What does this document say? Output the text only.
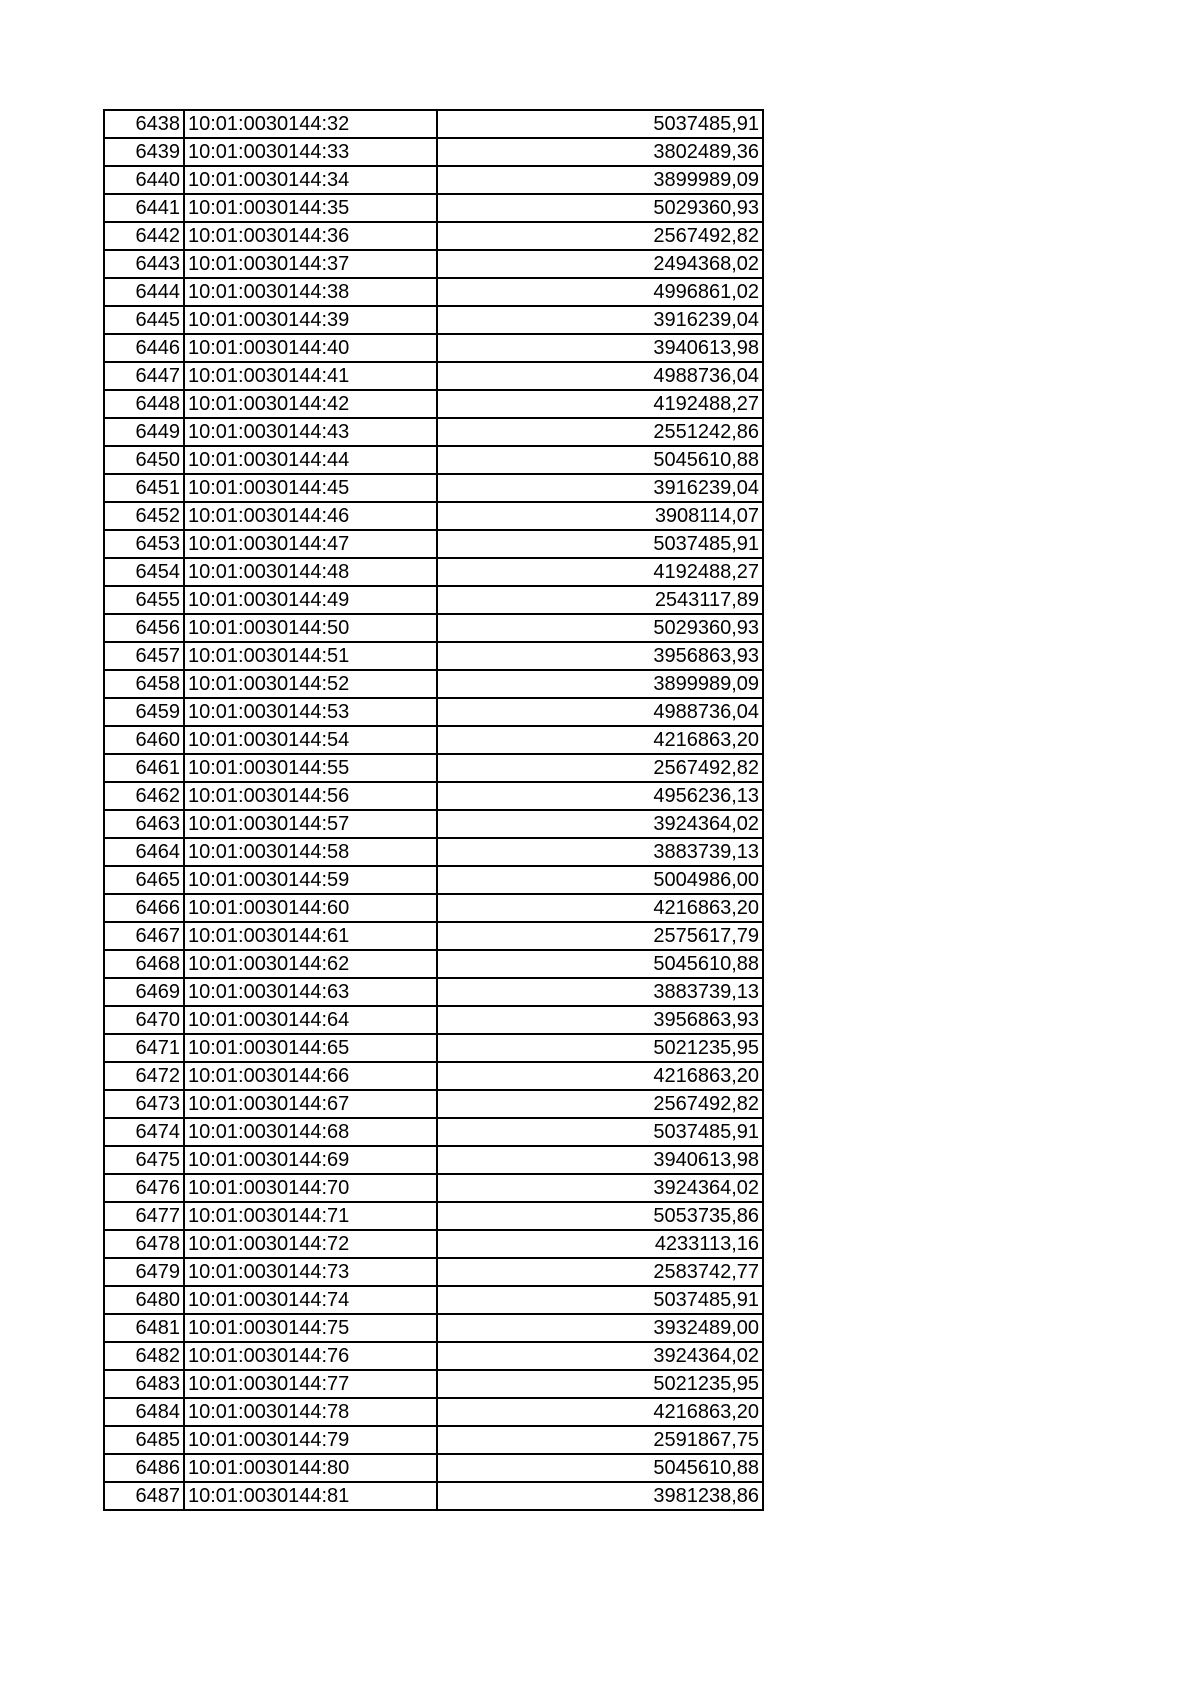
6438	10:01:0030144:32	5037485,91
6439	10:01:0030144:33	3802489,36
6440	10:01:0030144:34	3899989,09
6441	10:01:0030144:35	5029360,93
6442	10:01:0030144:36	2567492,82
6443	10:01:0030144:37	2494368,02
6444	10:01:0030144:38	4996861,02
6445	10:01:0030144:39	3916239,04
6446	10:01:0030144:40	3940613,98
6447	10:01:0030144:41	4988736,04
6448	10:01:0030144:42	4192488,27
6449	10:01:0030144:43	2551242,86
6450	10:01:0030144:44	5045610,88
6451	10:01:0030144:45	3916239,04
6452	10:01:0030144:46	3908114,07
6453	10:01:0030144:47	5037485,91
6454	10:01:0030144:48	4192488,27
6455	10:01:0030144:49	2543117,89
6456	10:01:0030144:50	5029360,93
6457	10:01:0030144:51	3956863,93
6458	10:01:0030144:52	3899989,09
6459	10:01:0030144:53	4988736,04
6460	10:01:0030144:54	4216863,20
6461	10:01:0030144:55	2567492,82
6462	10:01:0030144:56	4956236,13
6463	10:01:0030144:57	3924364,02
6464	10:01:0030144:58	3883739,13
6465	10:01:0030144:59	5004986,00
6466	10:01:0030144:60	4216863,20
6467	10:01:0030144:61	2575617,79
6468	10:01:0030144:62	5045610,88
6469	10:01:0030144:63	3883739,13
6470	10:01:0030144:64	3956863,93
6471	10:01:0030144:65	5021235,95
6472	10:01:0030144:66	4216863,20
6473	10:01:0030144:67	2567492,82
6474	10:01:0030144:68	5037485,91
6475	10:01:0030144:69	3940613,98
6476	10:01:0030144:70	3924364,02
6477	10:01:0030144:71	5053735,86
6478	10:01:0030144:72	4233113,16
6479	10:01:0030144:73	2583742,77
6480	10:01:0030144:74	5037485,91
6481	10:01:0030144:75	3932489,00
6482	10:01:0030144:76	3924364,02
6483	10:01:0030144:77	5021235,95
6484	10:01:0030144:78	4216863,20
6485	10:01:0030144:79	2591867,75
6486	10:01:0030144:80	5045610,88
6487	10:01:0030144:81	3981238,86
